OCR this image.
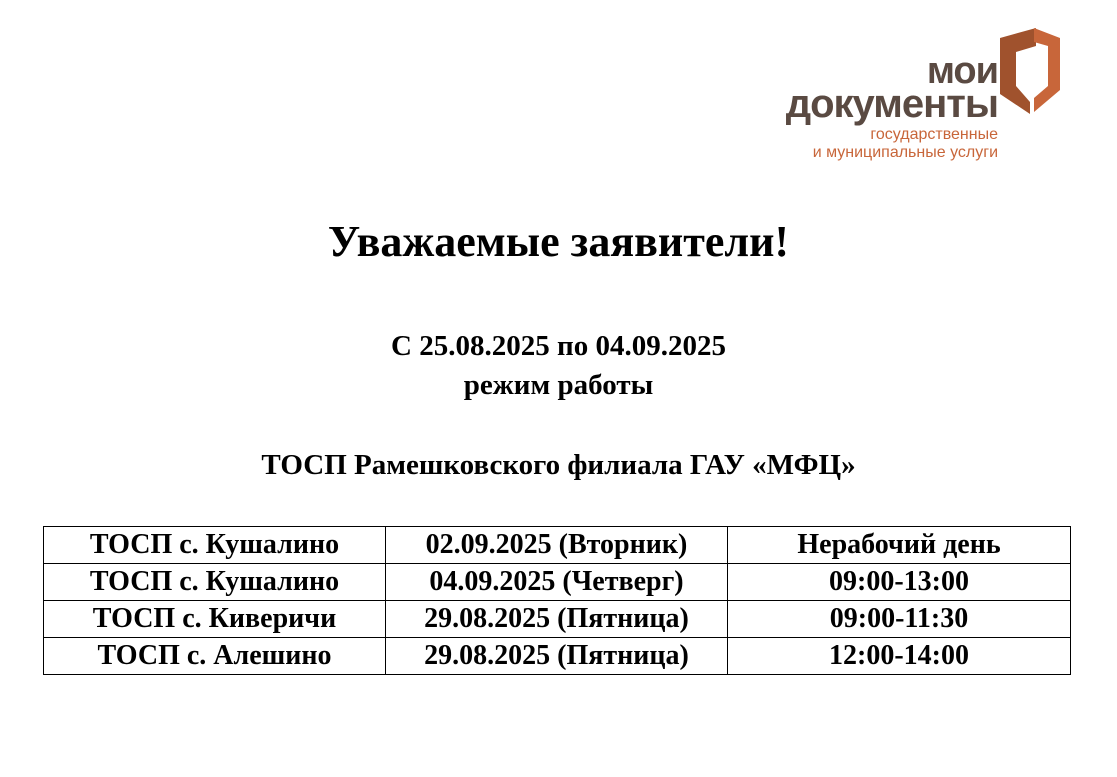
мои
документы
государственные
и муниципальные услуги
Уважаемые заявители!

С 25.08.2025 по 04.09.2025

режим работы

ТОСП Рамешковского филиала ГАУ «МФЦ»

ТОСП с. Кушалино	02.09.2025 (Вторник)	Нерабочий день
ТОСП с. Кушалино	04.09.2025 (Четверг)	09:00-13:00
ТОСП с. Киверичи	29.08.2025 (Пятница)	09:00-11:30
ТОСП с. Алешино	29.08.2025 (Пятница)	12:00-14:00
